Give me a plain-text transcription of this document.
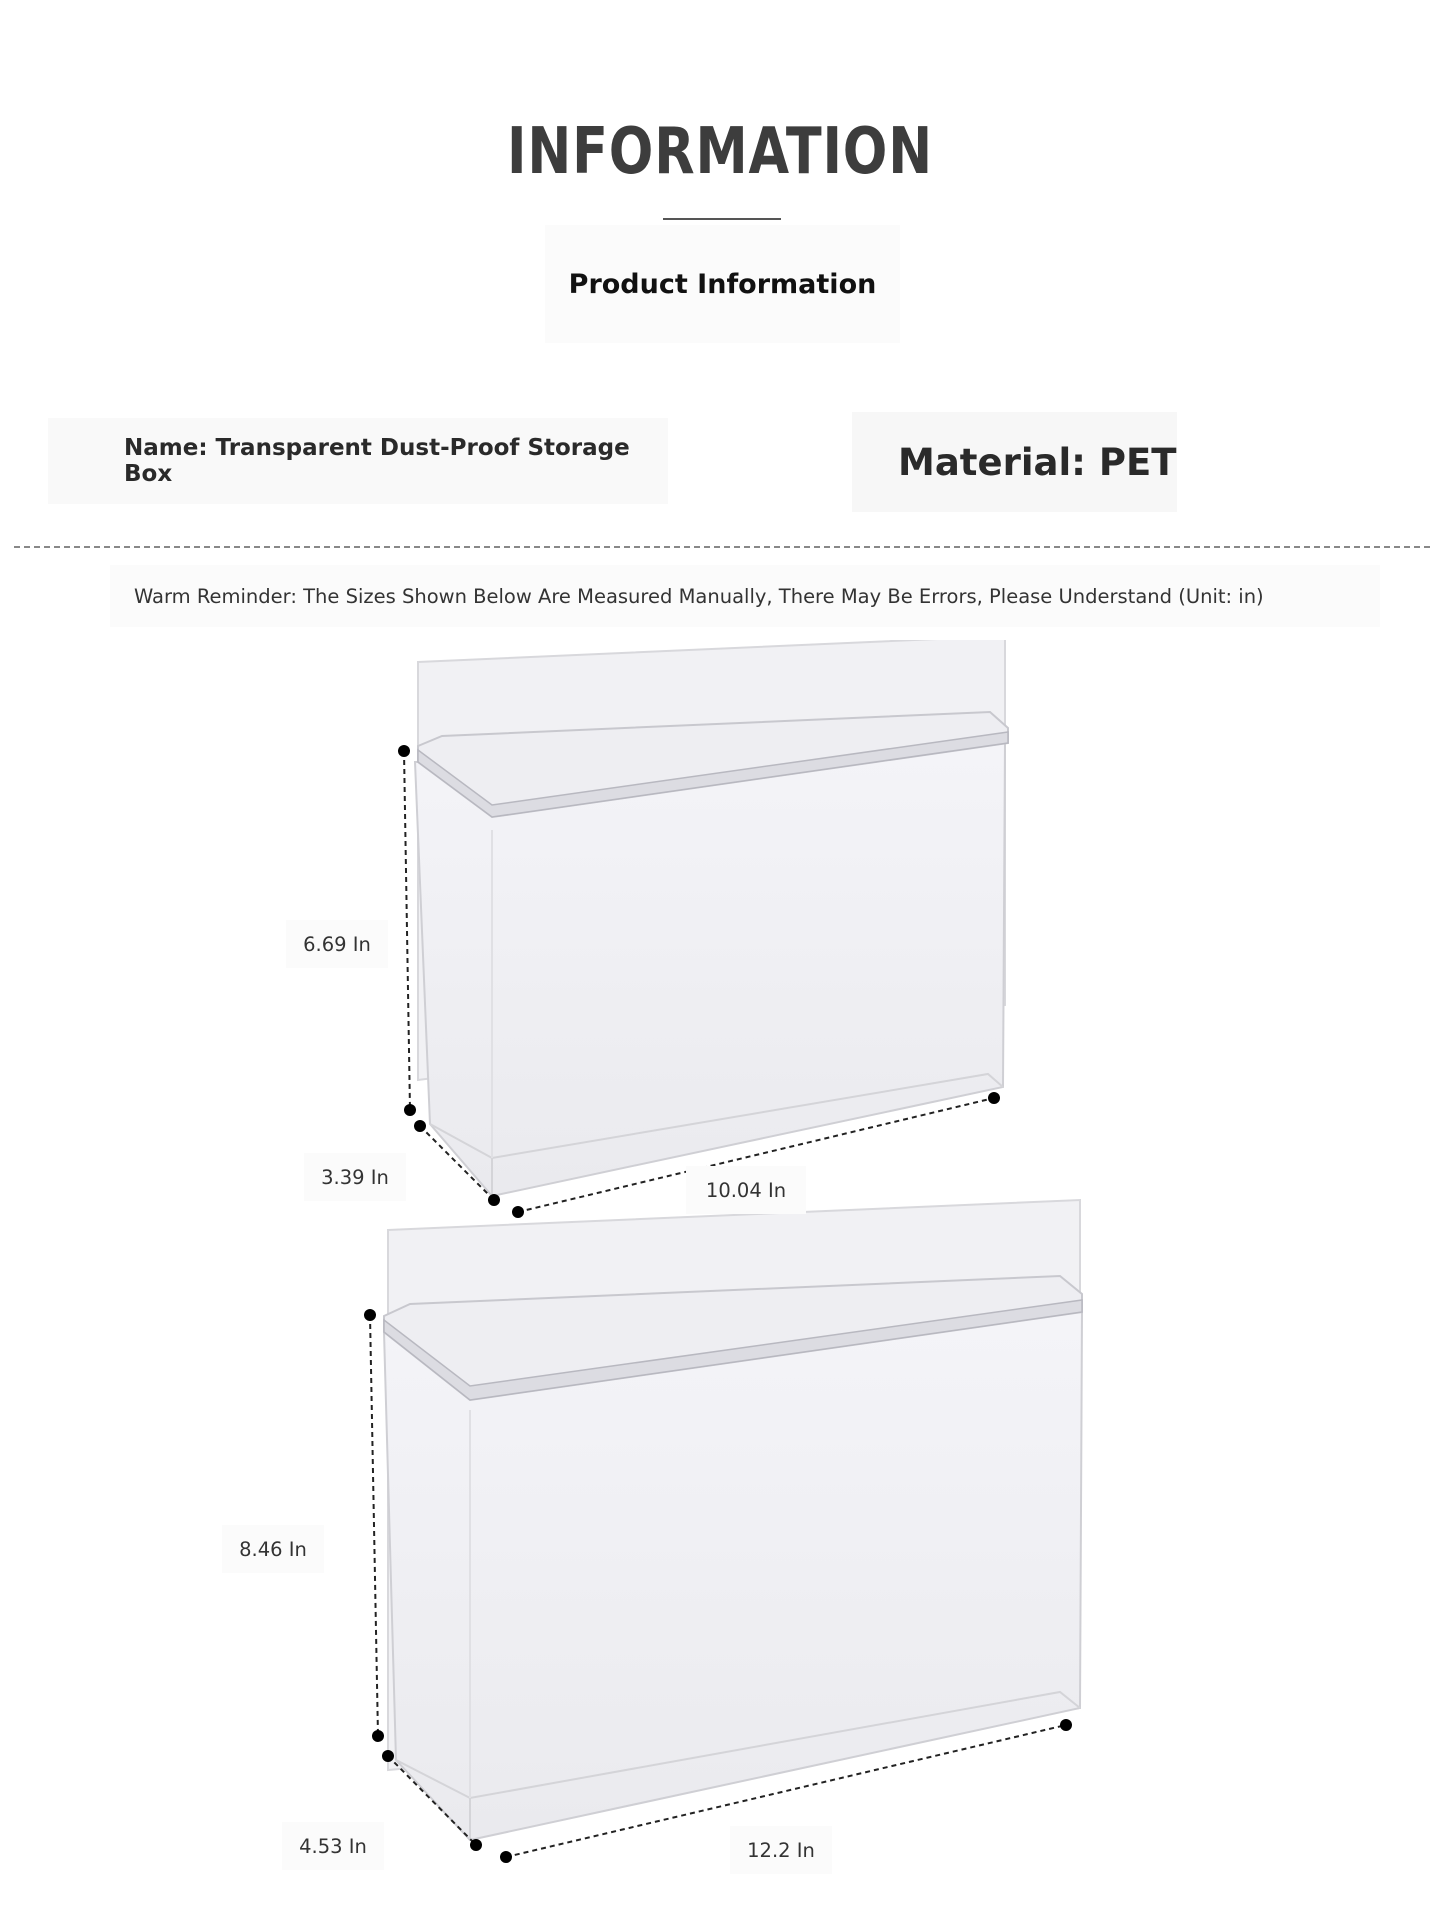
INFORMATION
Product Information
Name: Transparent Dust-Proof Storage Box	Material: PET
Warm Reminder: The Sizes Shown Below Are Measured Manually, There May Be Errors, Please Understand (Unit: in)
6.69 In
3.39 In
10.04 In
8.46 In
4.53 In	12.2 In
